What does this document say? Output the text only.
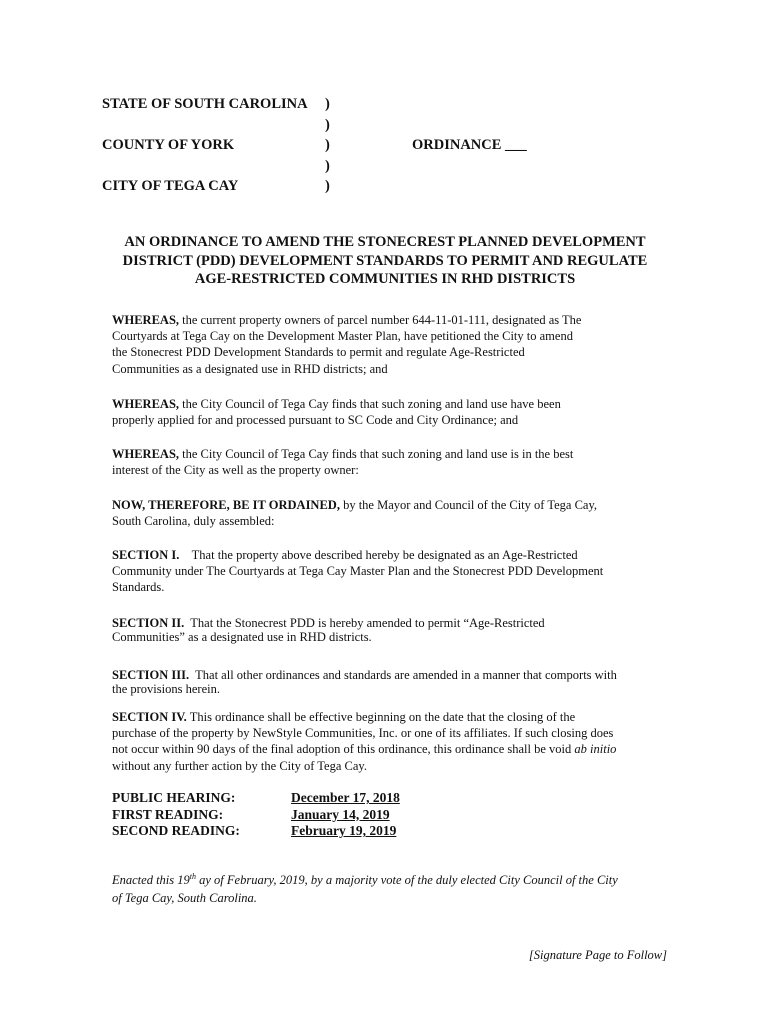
STATE OF SOUTH CAROLINA )
)
COUNTY OF YORK	)	ORDINANCE ___
)
CITY OF TEGA CAY	)
AN ORDINANCE TO AMEND THE STONECREST PLANNED DEVELOPMENT
DISTRICT (PDD) DEVELOPMENT STANDARDS TO PERMIT AND REGULATE
AGE-RESTRICTED COMMUNITIES IN RHD DISTRICTS
WHEREAS, the current property owners of parcel number 644-11-01-111, designated as The
Courtyards at Tega Cay on the Development Master Plan, have petitioned the City to amend
the Stonecrest PDD Development Standards to permit and regulate Age-Restricted
Communities as a designated use in RHD districts; and
WHEREAS, the City Council of Tega Cay finds that such zoning and land use have been
properly applied for and processed pursuant to SC Code and City Ordinance; and
WHEREAS, the City Council of Tega Cay finds that such zoning and land use is in the best
interest of the City as well as the property owner:
NOW, THEREFORE, BE IT ORDAINED, by the Mayor and Council of the City of Tega Cay,
South Carolina, duly assembled:
SECTION I.    That the property above described hereby be designated as an Age-Restricted
Community under The Courtyards at Tega Cay Master Plan and the Stonecrest PDD Development
Standards.
SECTION II.  That the Stonecrest PDD is hereby amended to permit “Age-Restricted
Communities” as a designated use in RHD districts.
SECTION III.  That all other ordinances and standards are amended in a manner that comports with
the provisions herein.
SECTION IV. This ordinance shall be effective beginning on the date that the closing of the
purchase of the property by NewStyle Communities, Inc. or one of its affiliates. If such closing does
not occur within 90 days of the final adoption of this ordinance, this ordinance shall be void ab initio
without any further action by the City of Tega Cay.
PUBLIC HEARING:	December 17, 2018
FIRST READING:	January 14, 2019
SECOND READING:	February 19, 2019
Enacted this 19th ay of February, 2019, by a majority vote of the duly elected City Council of the City
of Tega Cay, South Carolina.
[Signature Page to Follow]
